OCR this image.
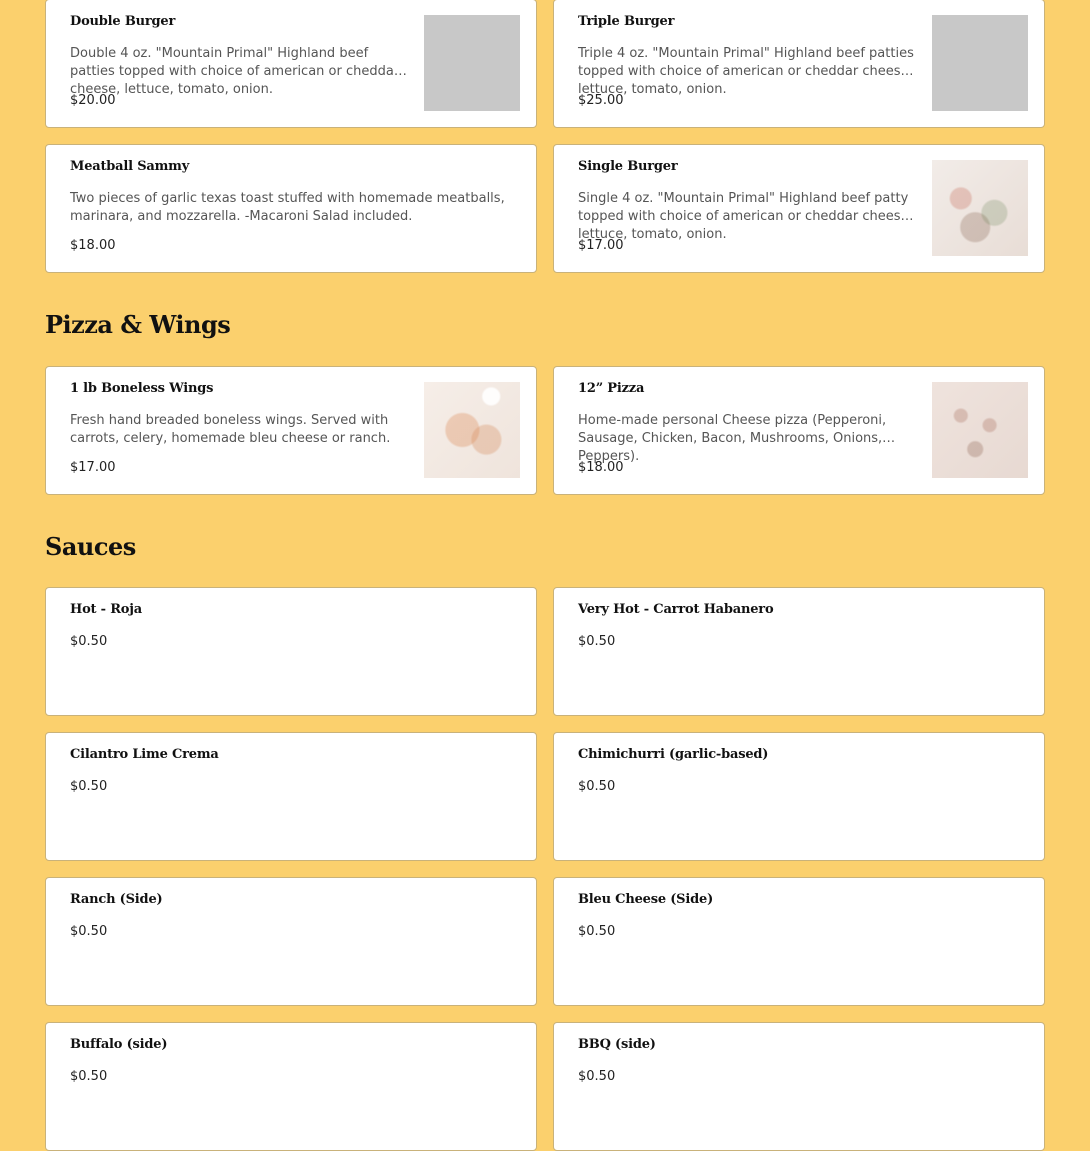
Double Burger
Double 4 oz. "Mountain Primal" Highland beef patties topped with choice of american or cheddar cheese, lettuce, tomato, onion.
$20.00
Triple Burger
Triple 4 oz. "Mountain Primal" Highland beef patties topped with choice of american or cheddar cheese, lettuce, tomato, onion.
$25.00
Meatball Sammy
Two pieces of garlic texas toast stuffed with homemade meatballs, marinara, and mozzarella. -Macaroni Salad included.
$18.00
Single Burger
Single 4 oz. "Mountain Primal" Highland beef patty topped with choice of american or cheddar cheese, lettuce, tomato, onion.
$17.00
Pizza & Wings
1 lb Boneless Wings
Fresh hand breaded boneless wings. Served with carrots, celery, homemade bleu cheese or ranch.
$17.00
12” Pizza
Home-made personal Cheese pizza (Pepperoni, Sausage, Chicken, Bacon, Mushrooms, Onions, Peppers).
$18.00
Sauces
Hot - Roja
$0.50
Very Hot - Carrot Habanero
$0.50
Cilantro Lime Crema
$0.50
Chimichurri (garlic-based)
$0.50
Ranch (Side)
$0.50
Bleu Cheese (Side)
$0.50
Buffalo (side)
$0.50
BBQ (side)
$0.50
